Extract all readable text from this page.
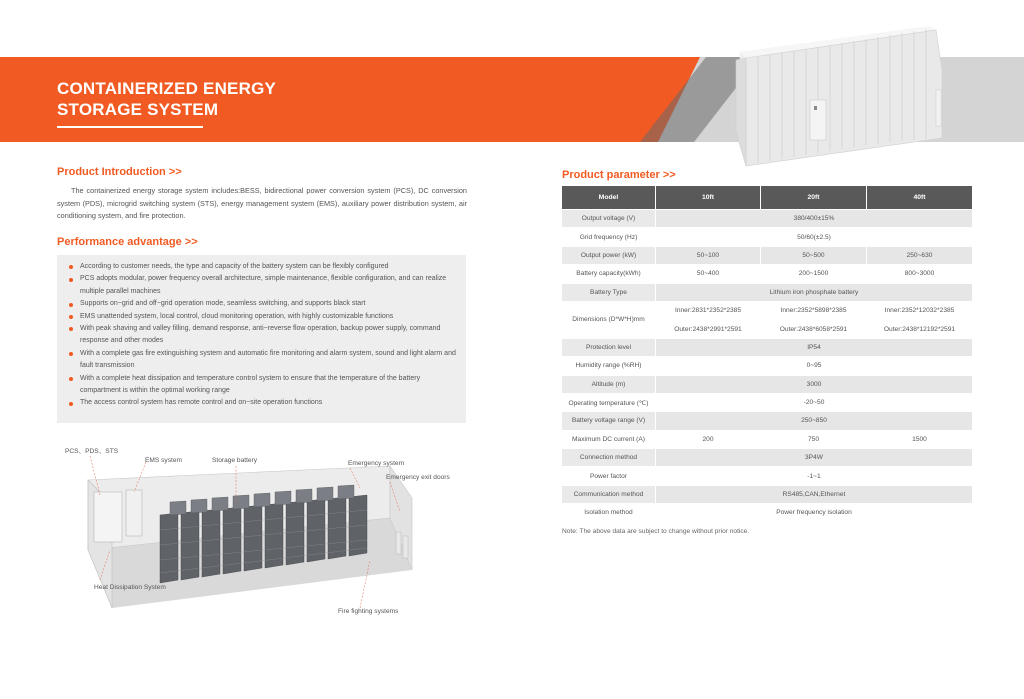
CONTAINERIZED ENERGY
STORAGE SYSTEM
Product Introduction >>

The containerized energy storage system includes:BESS, bidirectional power conversion system (PCS), DC conversion system (PDS), microgrid switching system (STS), energy management system (EMS), auxiliary power distribution system, air conditioning system, and fire protection.

Performance advantage >>
According to customer needs, the type and capacity of the battery system can be flexibly configured
PCS adopts modular, power frequency overall architecture, simple maintenance, flexible configuration, and can realize multiple parallel machines
Supports on−grid and off−grid operation mode, seamless switching, and supports black start
EMS unattended system, local control, cloud monitoring operation, with highly customizable functions
With peak shaving and valley filling, demand response, anti−reverse flow operation, backup power supply, command response and other modes
With a complete gas fire extinguishing system and automatic fire monitoring and alarm system, sound and light alarm and fault transmission
With a complete heat dissipation and temperature control system to ensure that the temperature of the battery compartment is within the optimal working range
The access control system has remote control and on−site operation functions
PCS、PDS、STS
EMS system	Storage battery	Emergency system
Emergency exit doors
Heat Dissipation System
Fire fighting systems
Product parameter >>
Model	10ft	20ft	40ft
Output voltage (V)	380/400±15%		
Grid frequency (Hz)	50/60(±2.5)		
Output power (kW)	50~100	50~500	250~630
Battery capacity(kWh)	50~400	200~1500	800~3000
Battery Type	Lithium iron phosphate battery		
Dimensions (D*W*H)mm	Inner:2831*2352*2385	Inner:2352*5898*2385	Inner:2352*12032*2385
	Outer:2438*2991*2591	Outer:2438*6058*2591	Outer:2438*12192*2591
Protection level	IP54		
Humidity range (%RH)	0~95		
Altitude (m)	3000		
Operating temperature (℃)	-20~50		
Battery voltage range (V)	250~850		
Maximum DC current (A)	200	750	1500
Connection method	3P4W		
Power factor	-1~1		
Communication method	RS485,CAN,Ethernet		
Isolation method	Power frequency isolation		
Note: The above data are subject to change without prior notice.
